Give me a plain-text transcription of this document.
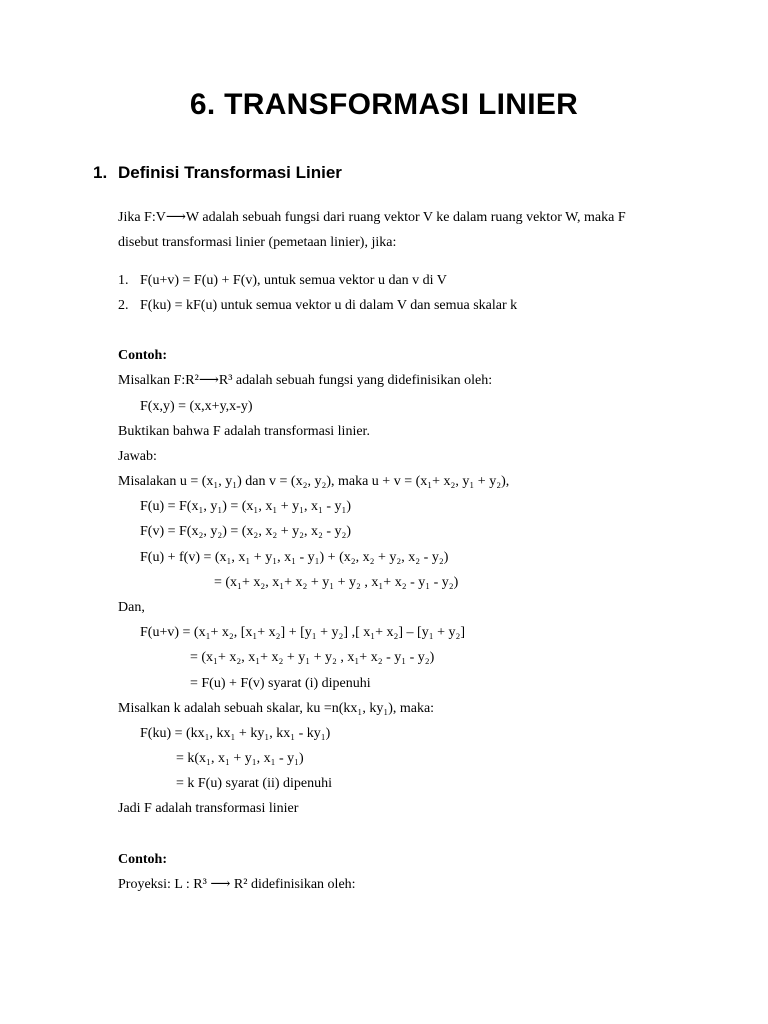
6. TRANSFORMASI LINIER
1. Definisi Transformasi Linier
Jika F:V⟶W adalah sebuah fungsi dari ruang vektor V ke dalam ruang vektor W, maka F
disebut transformasi linier (pemetaan linier), jika:
1. F(u+v) = F(u) + F(v), untuk semua vektor u dan v di V
2. F(ku) = kF(u) untuk semua vektor u di dalam V dan semua skalar k
Contoh:
Misalkan F:R²⟶R³ adalah sebuah fungsi yang didefinisikan oleh:
F(x,y) = (x,x+y,x-y)
Buktikan bahwa F adalah transformasi linier.
Jawab:
Misalakan u = (x₁, y₁) dan v = (x₂, y₂), maka u + v = (x₁+ x₂, y₁ + y₂),
F(u) = F(x₁, y₁) = (x₁, x₁ + y₁, x₁ - y₁)
F(v) = F(x₂, y₂) = (x₂, x₂ + y₂, x₂ - y₂)
F(u) + f(v) = (x₁, x₁ + y₁, x₁ - y₁) + (x₂, x₂ + y₂, x₂ - y₂)
= (x₁+ x₂, x₁+ x₂ + y₁ + y₂ , x₁+ x₂ - y₁ - y₂)
Dan,
F(u+v) = (x₁+ x₂, [x₁+ x₂] + [y₁ + y₂] ,[ x₁+ x₂] – [y₁ + y₂]
= (x₁+ x₂, x₁+ x₂ + y₁ + y₂ , x₁+ x₂ - y₁ - y₂)
= F(u) + F(v) syarat (i) dipenuhi
Misalkan k adalah sebuah skalar, ku =n(kx₁, ky₁), maka:
F(ku) = (kx₁, kx₁ + ky₁, kx₁ - ky₁)
= k(x₁, x₁ + y₁, x₁ - y₁)
= k F(u) syarat (ii) dipenuhi
Jadi F adalah transformasi linier
Contoh:
Proyeksi: L : R³ ⟶ R² didefinisikan oleh:
